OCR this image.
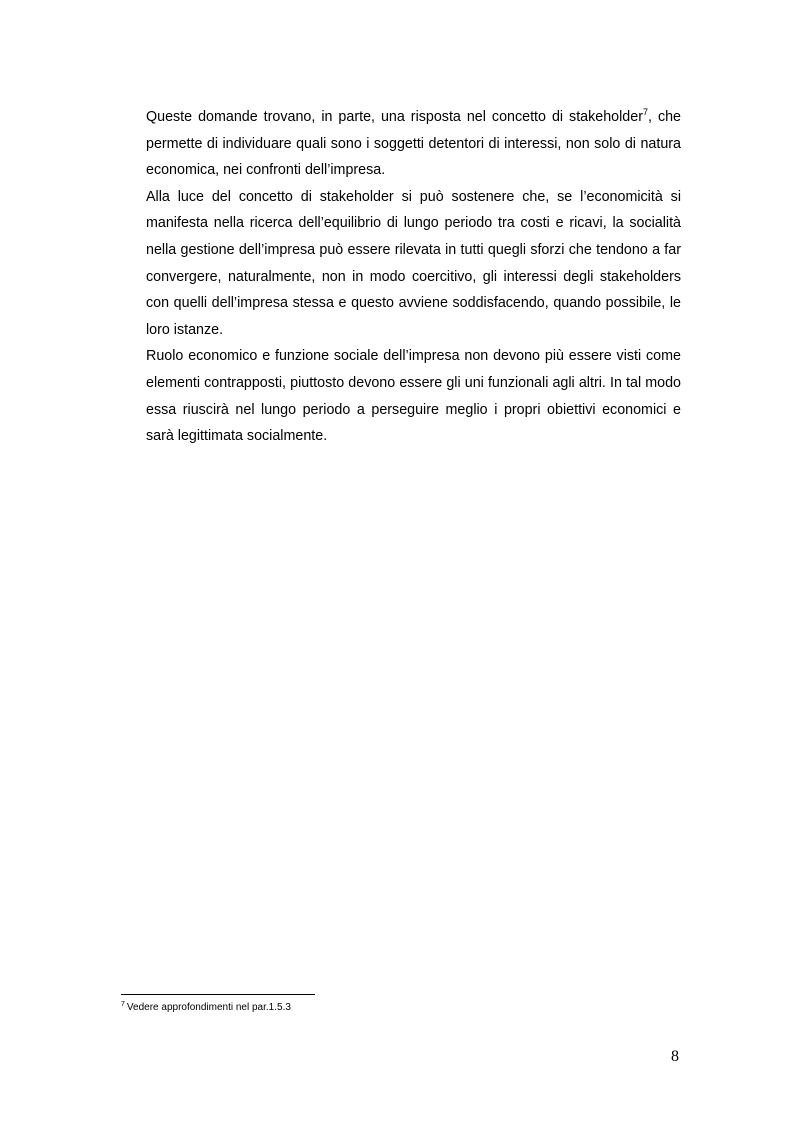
Queste domande trovano, in parte, una risposta nel concetto di stakeholder$^7$, che permette di individuare quali sono i soggetti detentori di interessi, non solo di natura economica, nei confronti dell’impresa.

Alla luce del concetto di stakeholder si può sostenere che, se l’economicità si manifesta nella ricerca dell’equilibrio di lungo periodo tra costi e ricavi, la socialità nella gestione dell’impresa può essere rilevata in tutti quegli sforzi che tendono a far convergere, naturalmente, non in modo coercitivo, gli interessi degli stakeholders con quelli dell’impresa stessa e questo avviene soddisfacendo, quando possibile, le loro istanze.

Ruolo economico e funzione sociale dell’impresa non devono più essere visti come elementi contrapposti, piuttosto devono essere gli uni funzionali agli altri. In tal modo essa riuscirà nel lungo periodo a perseguire meglio i propri obiettivi economici e sarà legittimata socialmente.

$^7$ Vedere approfondimenti nel par.1.5.3
8
